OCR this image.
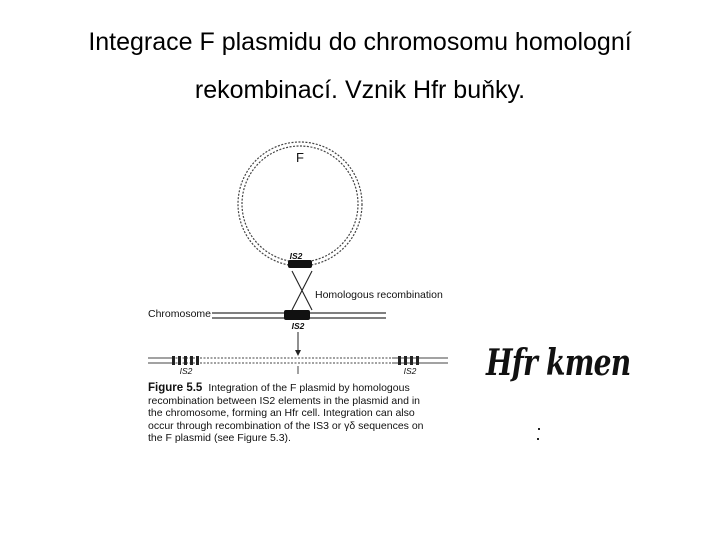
Integrace F plasmidu do chromosomu homologní
rekombinací. Vznik Hfr buňky.
F
IS2
Homologous recombination
Chromosome
IS2
IS2	IS2
Figure 5.5 Integration of the F plasmid by homologous
recombination between IS2 elements in the plasmid and in
the chromosome, forming an Hfr cell. Integration can also
occur through recombination of the IS3 or γδ sequences on
the F plasmid (see Figure 5.3).
Hfr kmen
